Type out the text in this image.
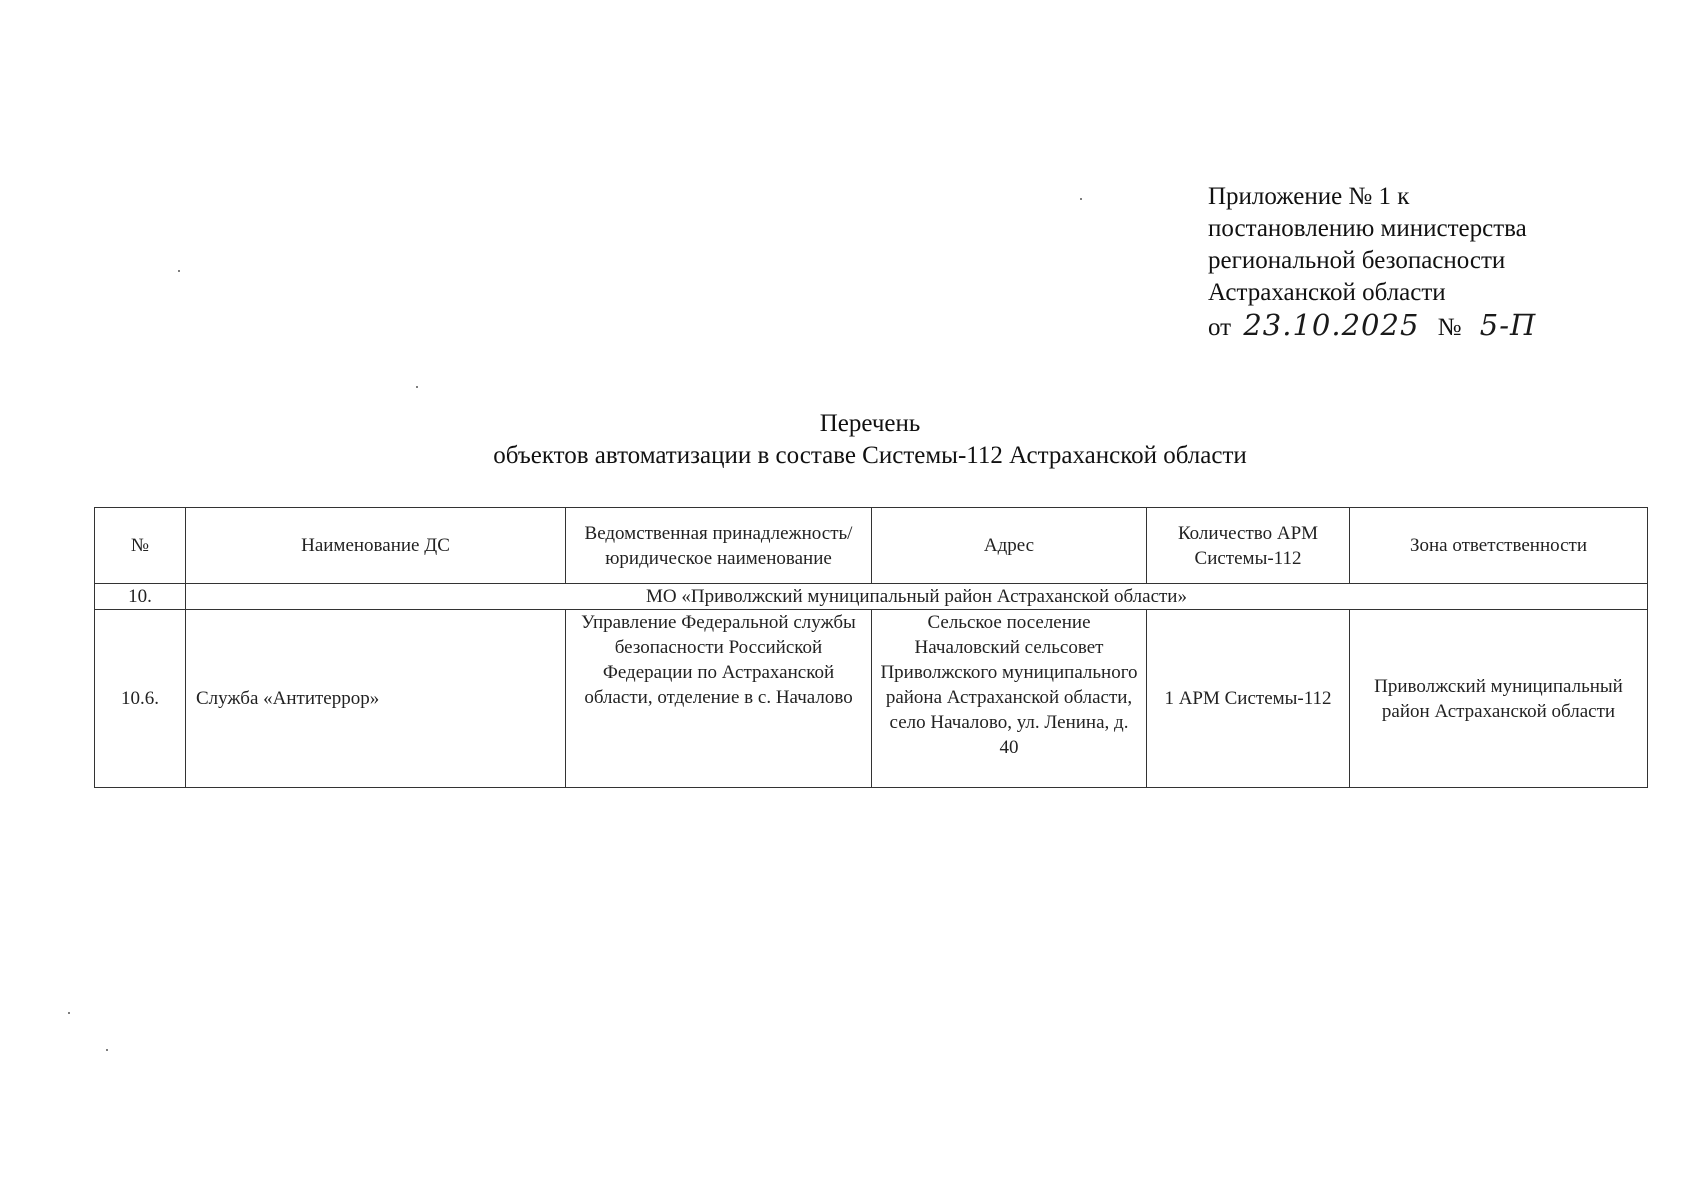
Приложение № 1 к
постановлению министерства
региональной безопасности
Астраханской области
от 23.10.2025 № 5-П
Перечень
объектов автоматизации в составе Системы-112 Астраханской области
№	Наименование ДС	Ведомственная принадлежность/ юридическое наименование	Адрес	Количество АРМ Системы-112	Зона ответственности
10.	МО «Приволжский муниципальный район Астраханской области»				
10.6.	Служба «Антитеррор»	Управление Федеральной службы безопасности Российской Федерации по Астраханской области, отделение в с. Началово	Сельское поселение Началовский сельсовет Приволжского муниципального района Астраханской области, село Началово, ул. Ленина, д. 40	1 АРМ Системы-112	Приволжский муниципальный район Астраханской области
